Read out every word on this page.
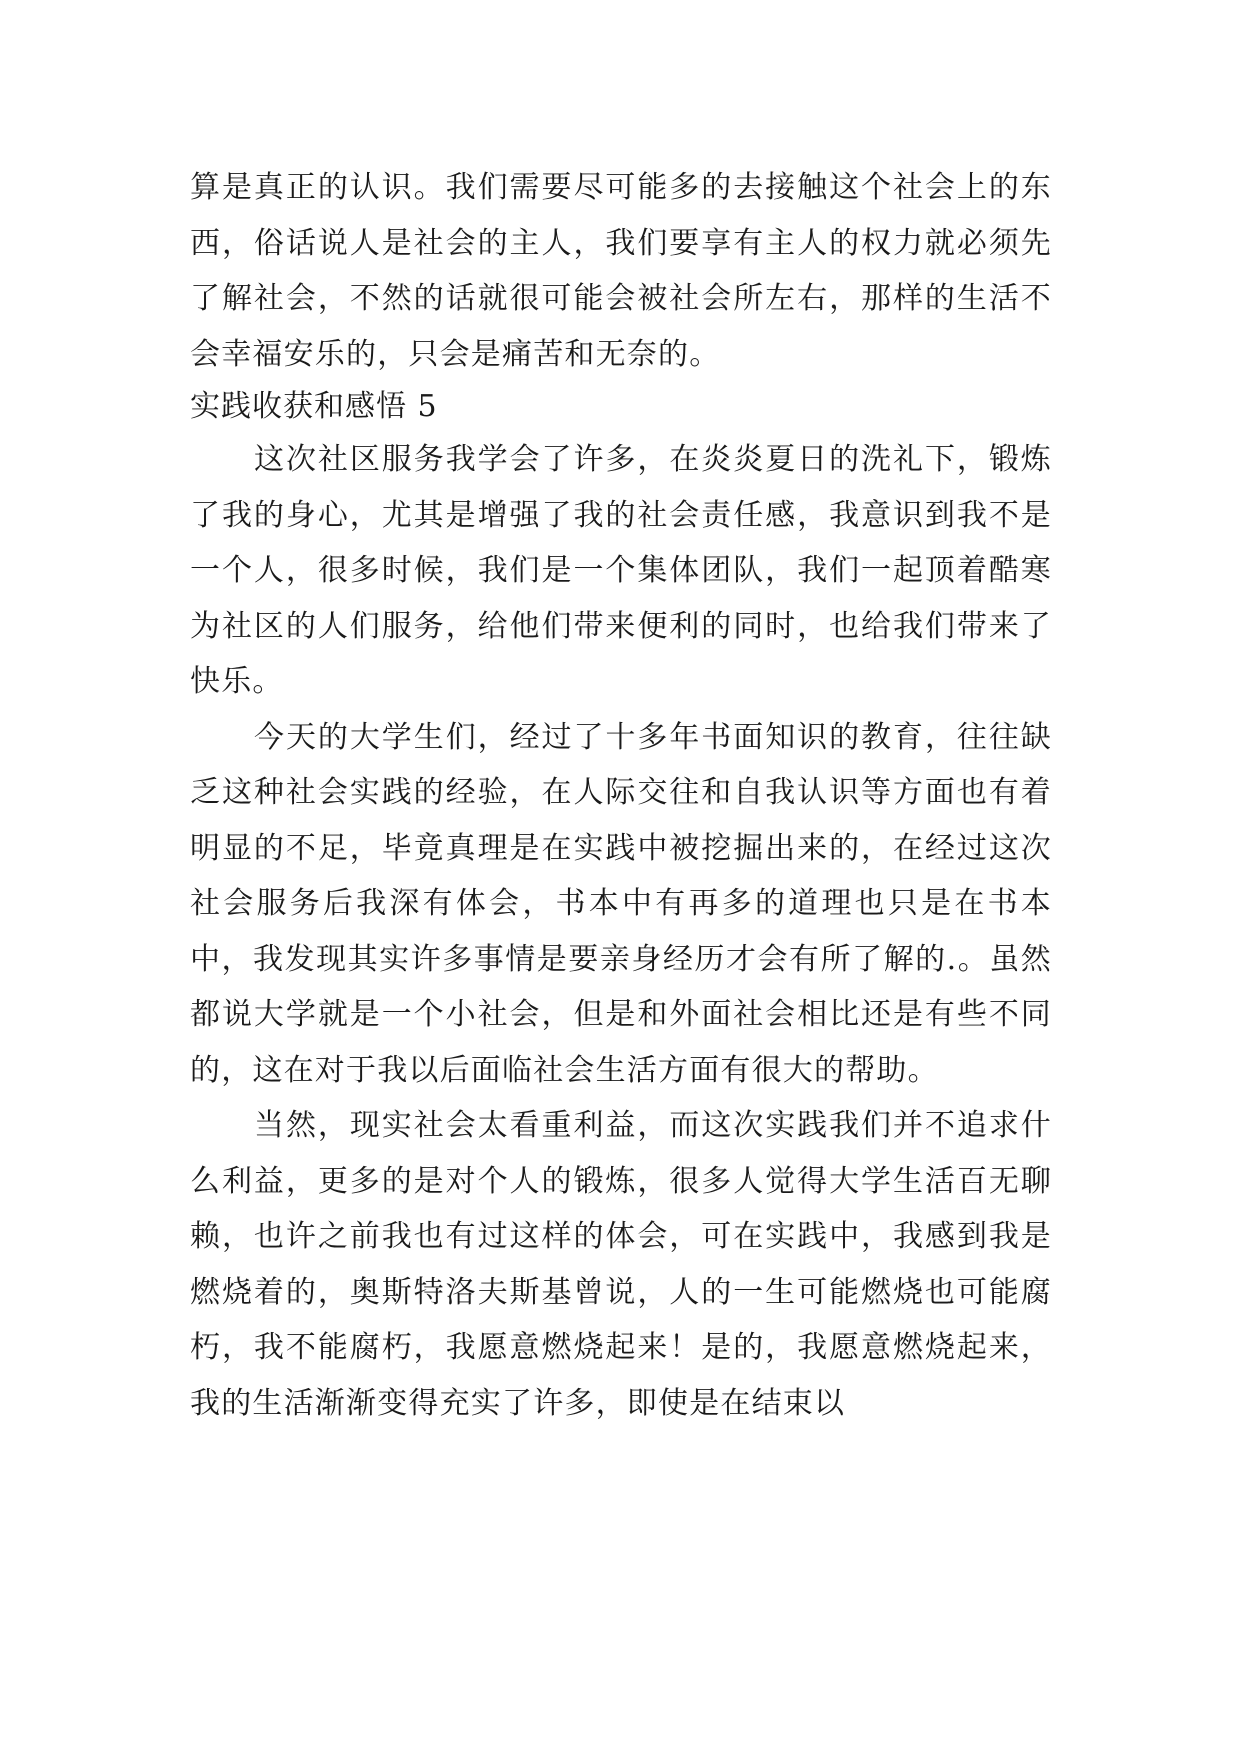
算是真正的认识。我们需要尽可能多的去接触这个社会上的东西，俗话说人是社会的主人，我们要享有主人的权力就必须先了解社会，不然的话就很可能会被社会所左右，那样的生活不会幸福安乐的，只会是痛苦和无奈的。

实践收获和感悟 5

这次社区服务我学会了许多，在炎炎夏日的洗礼下，锻炼了我的身心，尤其是增强了我的社会责任感，我意识到我不是一个人，很多时候，我们是一个集体团队，我们一起顶着酷寒为社区的人们服务，给他们带来便利的同时，也给我们带来了快乐。

今天的大学生们，经过了十多年书面知识的教育，往往缺乏这种社会实践的经验，在人际交往和自我认识等方面也有着明显的不足，毕竟真理是在实践中被挖掘出来的，在经过这次社会服务后我深有体会，书本中有再多的道理也只是在书本中，我发现其实许多事情是要亲身经历才会有所了解的.。虽然都说大学就是一个小社会，但是和外面社会相比还是有些不同的，这在对于我以后面临社会生活方面有很大的帮助。

当然，现实社会太看重利益，而这次实践我们并不追求什么利益，更多的是对个人的锻炼，很多人觉得大学生活百无聊赖，也许之前我也有过这样的体会，可在实践中，我感到我是燃烧着的，奥斯特洛夫斯基曾说，人的一生可能燃烧也可能腐朽，我不能腐朽，我愿意燃烧起来！是的，我愿意燃烧起来，我的生活渐渐变得充实了许多，即使是在结束以
